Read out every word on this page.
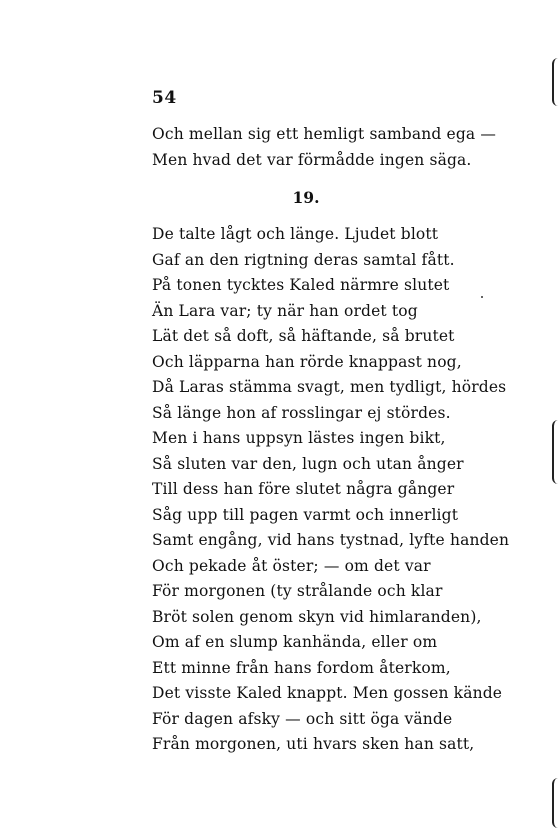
54
Och mellan sig ett hemligt samband ega —
Men hvad det var förmådde ingen säga.
19.
De talte lågt och länge. Ljudet blott
Gaf an den rigtning deras samtal fått.
På tonen tycktes Kaled närmre slutet
Än Lara var; ty när han ordet tog
Lät det så doft, så häftande, så brutet
Och läpparna han rörde knappast nog,
Då Laras stämma svagt, men tydligt, hördes
Så länge hon af rosslingar ej stördes.
Men i hans uppsyn lästes ingen bikt,
Så sluten var den, lugn och utan ånger
Till dess han före slutet några gånger
Såg upp till pagen varmt och innerligt
Samt engång, vid hans tystnad, lyfte handen
Och pekade åt öster; — om det var
För morgonen (ty strålande och klar
Bröt solen genom skyn vid himlaranden),
Om af en slump kanhända, eller om
Ett minne från hans fordom återkom,
Det visste Kaled knappt. Men gossen kände
För dagen afsky — och sitt öga vände
Från morgonen, uti hvars sken han satt,
